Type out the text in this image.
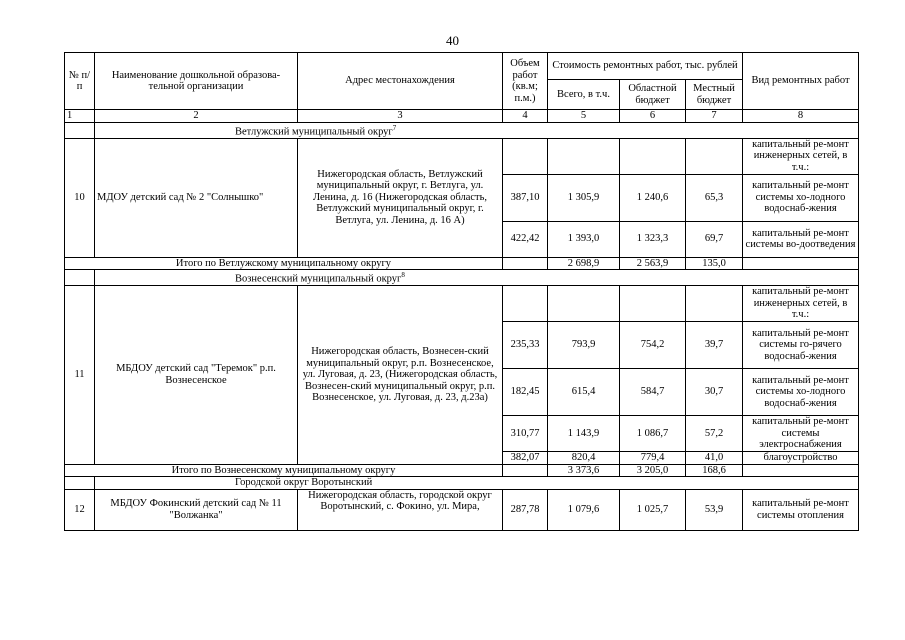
40
№ п/п	Наименование дошкольной образова-тельной организации	Адрес местонахождения	Объем работ (кв.м; п.м.)	Стоимость ремонтных работ, тыс. рублей			Вид ремонтных работ
				Всего, в т.ч.	Областной бюджет	Местный бюджет	
1	2	3	4	5	6	7	8
	Ветлужский муниципальный округ$^7$
10	МДОУ детский сад № 2 "Солнышко"	Нижегородская область, Ветлужский муниципальный округ, г. Ветлуга, ул. Ленина, д. 16 (Нижегородская область, Ветлужский муниципальный округ, г. Ветлуга, ул. Ленина, д. 16 А)					капитальный ре-монт инженерных сетей, в т.ч.:
			387,10	1 305,9	1 240,6	65,3	капитальный ре-монт системы хо-лодного водоснаб-жения
			422,42	1 393,0	1 323,3	69,7	капитальный ре-монт системы во-доотведения
Итого по Ветлужскому муниципальному округу				2 698,9	2 563,9	135,0	
	Вознесенский муниципальный округ$^8$
11	МБДОУ детский сад "Теремок" р.п. Вознесенское	Нижегородская область, Вознесен-ский муниципальный округ, р.п. Вознесенское, ул. Луговая, д. 23, (Нижегородская область, Вознесен-ский муниципальный округ, р.п. Вознесенское, ул. Луговая, д. 23, д.23а)					капитальный ре-монт инженерных сетей, в т.ч.:
			235,33	793,9	754,2	39,7	капитальный ре-монт системы го-рячего водоснаб-жения
			182,45	615,4	584,7	30,7	капитальный ре-монт системы хо-лодного водоснаб-жения
			310,77	1 143,9	1 086,7	57,2	капитальный ре-монт системы электроснабжения
			382,07	820,4	779,4	41,0	благоустройство
Итого по Вознесенскому муниципальному округу				3 373,6	3 205,0	168,6	
	Городской округ Воротынский						
12	МБДОУ Фокинский детский сад № 11 "Волжанка"	Нижегородская область, городской округ Воротынский, с. Фокино, ул. Мира,	287,78	1 079,6	1 025,7	53,9	капитальный ре-монт системы отопления
